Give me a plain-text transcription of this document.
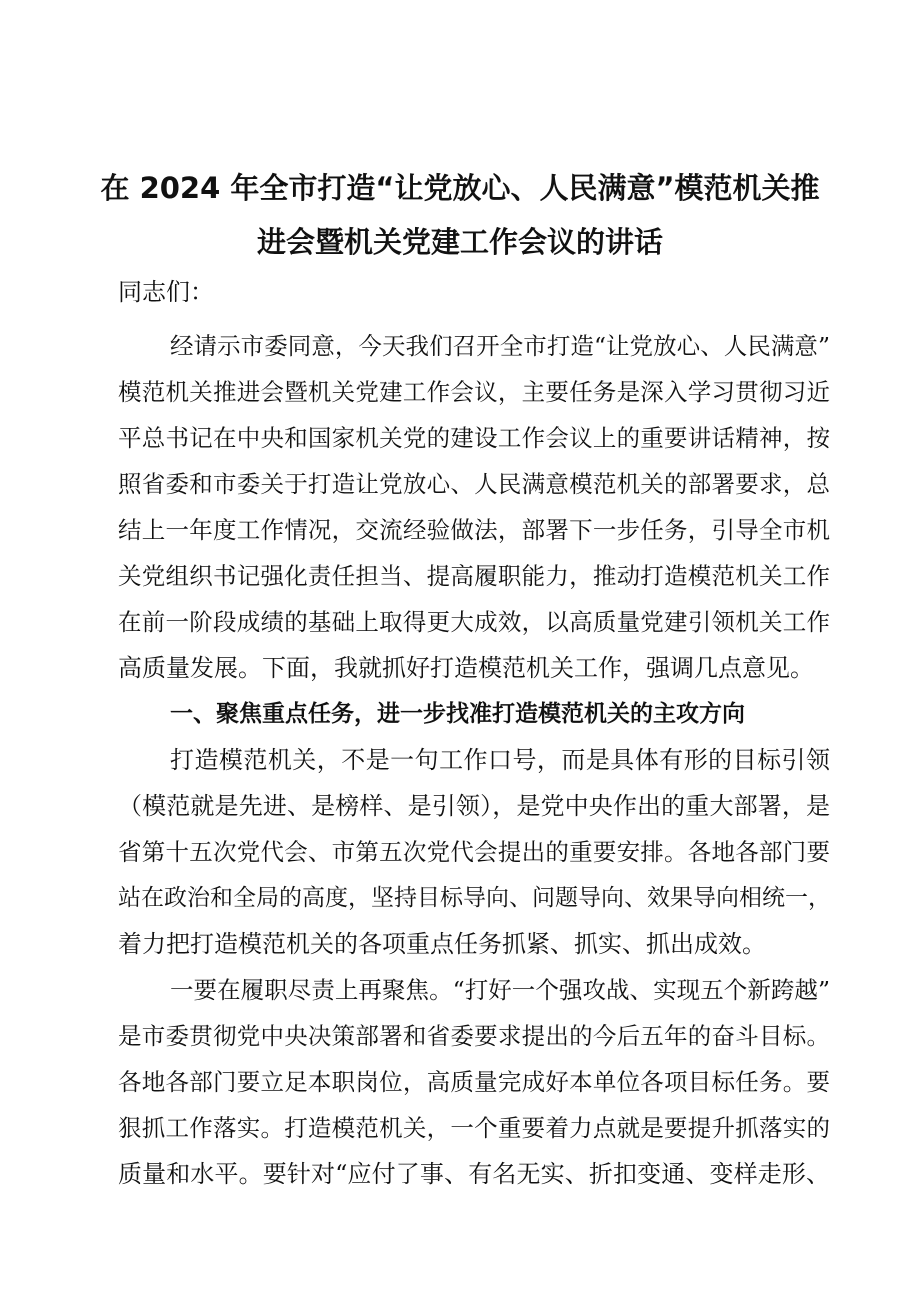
在 2024 年全市打造“让党放心、人民满意”模范机关推
进会暨机关党建工作会议的讲话
同志们：
经请示市委同意，今天我们召开全市打造“让党放心、人民满意”
模范机关推进会暨机关党建工作会议，主要任务是深入学习贯彻习近
平总书记在中央和国家机关党的建设工作会议上的重要讲话精神，按
照省委和市委关于打造让党放心、人民满意模范机关的部署要求，总
结上一年度工作情况，交流经验做法，部署下一步任务，引导全市机
关党组织书记强化责任担当、提高履职能力，推动打造模范机关工作
在前一阶段成绩的基础上取得更大成效，以高质量党建引领机关工作
高质量发展。下面，我就抓好打造模范机关工作，强调几点意见。
一、聚焦重点任务，进一步找准打造模范机关的主攻方向
打造模范机关，不是一句工作口号，而是具体有形的目标引领
（模范就是先进、是榜样、是引领），是党中央作出的重大部署，是
省第十五次党代会、市第五次党代会提出的重要安排。各地各部门要
站在政治和全局的高度，坚持目标导向、问题导向、效果导向相统一，
着力把打造模范机关的各项重点任务抓紧、抓实、抓出成效。
一要在履职尽责上再聚焦。“打好一个强攻战、实现五个新跨越”
是市委贯彻党中央决策部署和省委要求提出的今后五年的奋斗目标。
各地各部门要立足本职岗位，高质量完成好本单位各项目标任务。要
狠抓工作落实。打造模范机关，一个重要着力点就是要提升抓落实的
质量和水平。要针对“应付了事、有名无实、折扣变通、变样走形、
